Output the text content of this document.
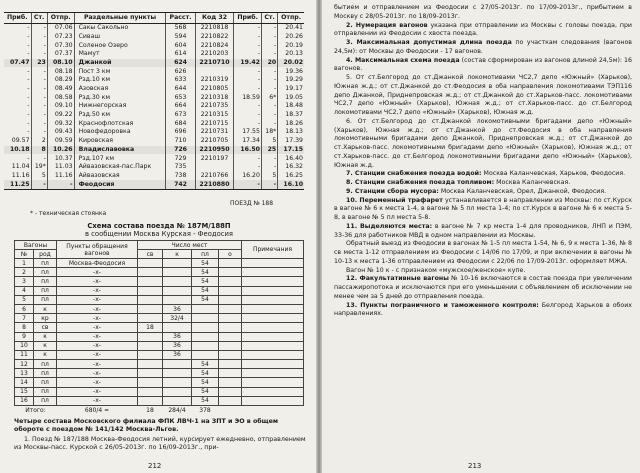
Приб.	Ст.	Отпр.	Раздельные пункты	Расст.	Код 32	Приб.	Ст.	Отпр.
-	-	07.06	Сакы Сакольно	568	2210818	-	-	20.41
-	-	07.23	Сиваш	594	2210822	-	-	20.26
-	-	07.30	Соленое Озеро	604	2210824	-	-	20.19
-	-	07.37	Мамут	614	2210203	-	-	20.13
07.47	23	08.10	Джанкой	624	2210710	19.42	20	20.02
-	-	08.18	Пост 3 км	626		-	-	19.36
-	-	08.29	Рзд.10 км	633	2210319	-	-	19.29
-	-	08.49	Азовская	644	2210805	-	-	19.17
-	-	08.58	Рзд.30 км	653	2210318	18.59	6*	19.05
-	-	09.10	Нижнегорская	664	2210735	-	-	18.48
-	-	09.22	Рзд.50 км	673	2210315	-	-	18.37
-	-	09.32	Краснофлотская	684	2210715	-	-	18.26
-	-	09.43	Новофедоровка	696	2210731	17.55	18*	18.13
09.57	2	09.59	Кировская	710	2210705	17.34	5	17.39
10.18	8	10.26	Владиславовка	726	2210950	16.50	25	17.15
-	-	10.37	Рзд.107 км	729	2210197	-	-	16.40
11.04	19*	11.03	Айвазовская-пас.Парк	735		-	-	16.32
11.16	5	11.16	Айвазовская	738	2210766	16.20	5	16.25
11.25	-	-	Феодосия	742	2210880	-	-	16.10
ПОЕЗД № 188
* - техническая стоянка
Схема состава поезда № 187М/188П
в сообщении Москва Курская - Феодосия
Вагоны		Пункты обращения
вагонов	Число мест				Примечания
№	род		св	к	пл	о	
1	пл	Москва-Феодосия			54		
2	пл	-х-			54		
3	пл	-х-			54		
4	пл	-х-			54		
5	пл	-х-			54		
6	к	-х-		36			
7	кр	-х-		32/4			
8	св	-х-	18				
9	к	-х-		36			
10	к	-х-		36			
11	к	-х-		36			
12	пл	-х-			54		
13	пл	-х-			54		
14	пл	-х-			54		
15	пл	-х-			54		
16	пл	-х-			54		
Итого:		680/4 =	18	284/4	378		
Четыре состава Московского филиала ФПК ЛВЧ-1 на ЗПТ и ЭО в общем обороте с поездом № 141/142 Москва-Льгов.
1. Поезд № 187/188 Москва-Феодосия летний, курсирует ежедневно, отправлением из Москвы-пасс. Курской с 26/05-2013г. по 16/09-2013г., при-
212

бытием и отправлением из Феодосии с 27/05-2013г. по 17/09-2013г., прибытием в Москву с 28/05-2013г. по 18/09-2013г.

2. Нумерация вагонов указана при отправлении из Москвы с головы поезда, при отправлении из Феодосии с хвоста поезда.

3. Максимальная допустимая длина поезда по участкам следования (вагонов 24,5м): от Москвы до Феодосии - 17 вагонов.

4. Максимальная схема поезда (состав сформирован из вагонов длиной 24,5м): 16 вагонов.

5. От ст.Белгород до ст.Джанкой локомотивами ЧС2,7 депо «Южный» (Харьков), Южная ж.д.; от ст.Джанкой до ст.Феодосия в оба направления локомотивами ТЭП116 депо Джанкой, Приднепровская ж.д.; от ст.Джанкой до ст.Харьков-пасс. локомотивами ЧС2,7 депо «Южный» (Харьков), Южная ж.д.; от ст.Харьков-пасс. до ст.Белгород локомотивами ЧС2,7 депо «Южный» (Харьков), Южная ж.д.

6. От ст.Белгород до ст.Джанкой локомотивными бригадами депо «Южный» (Харьков), Южная ж.д.; от ст.Джанкой до ст.Феодосия в оба направления локомотивными бригадами депо Джанкой, Приднепровская ж.д.; от ст.Джанкой до ст.Харьков-пасс. локомотивными бригадами депо «Южный» (Харьков), Южная ж.д.; от ст.Харьков-пасс. до ст.Белгород локомотивными бригадами депо «Южный» (Харьков), Южная ж.д.

7. Станции снабжения поезда водой: Москва Каланчевская, Харьков, Феодосия.

8. Станции снабжения поезда топливом: Москва Каланчевская.

9. Станции сбора мусора: Москва Каланчевская, Орел, Джанкой, Феодосия.

10. Переменный трафарет устанавливается в направлении из Москвы: по ст.Курск в вагоне № 6 к места 1-4, в вагоне № 5 пл места 1-4; по ст.Курск в вагоне № 6 к места 5-8, в вагоне № 5 пл места 5-8.

11. Выделяются места: в вагоне № 7 кр места 1-4 для проводников, ЛНП и ПЭМ, 33-36 для работников МВД в одном направлении из Москвы.

Обратный выезд из Феодосии в вагонах № 1-5 пл места 1-54, № 6, 9 к места 1-36, № 8 св места 1-12 отправлением из Феодосии с 14/06 по 17/09, и при включении в вагоны № 10-13 к места 1-36 отправлением из Феодосии с 22/06 по 17/09-2013г. оформляет МЖА.

Вагон № 10 к - с признаком «мужское/женское» купе.

12. Факультативные вагоны № 10-16 включаются в состав поезда при увеличении пассажиропотока и исключаются при его уменьшении с объявлением об исключении не менее чем за 5 дней до отправления поезда.

13. Пункты пограничного и таможенного контроля: Белгород Харьков в обоих направлениях.

213
